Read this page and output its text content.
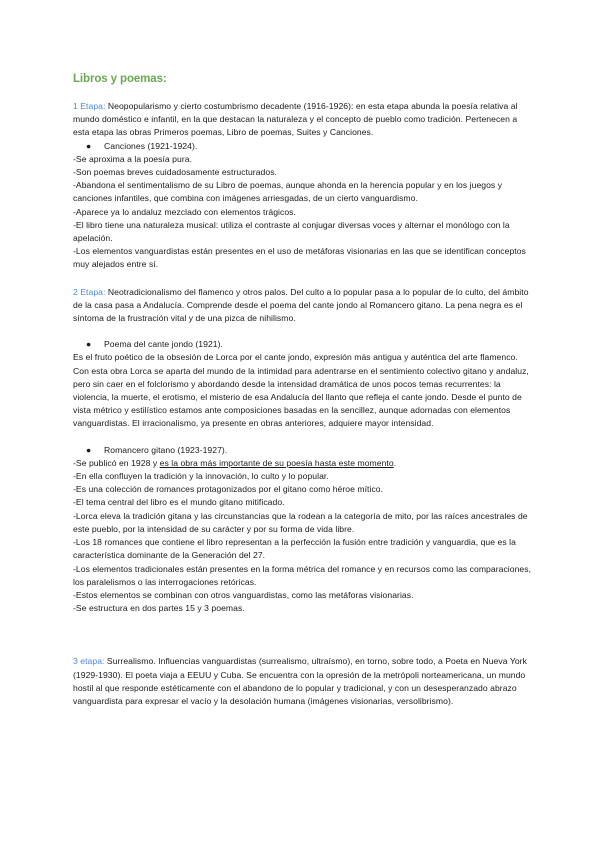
Libros y poemas:

1 Etapa: Neopopularismo y cierto costumbrismo decadente (1916-1926): en esta etapa abunda la poesía relativa al mundo doméstico e infantil, en la que destacan la naturaleza y el concepto de pueblo como tradición. Pertenecen a esta etapa las obras Primeros poemas, Libro de poemas, Suites y Canciones.

● Canciones (1921-1924).

-Se aproxima a la poesía pura.

-Son poemas breves cuidadosamente estructurados.

-Abandona el sentimentalismo de su Libro de poemas, aunque ahonda en la herencia popular y en los juegos y canciones infantiles, que combina con imágenes arriesgadas, de un cierto vanguardismo.

-Aparece ya lo andaluz mezclado con elementos trágicos.

-El libro tiene una naturaleza musical: utiliza el contraste al conjugar diversas voces y alternar el monólogo con la apelación.

-Los elementos vanguardistas están presentes en el uso de metáforas visionarias en las que se identifican conceptos muy alejados entre sí.

2 Etapa: Neotradicionalismo del flamenco y otros palos. Del culto a lo popular pasa a lo popular de lo culto, del ámbito de la casa pasa a Andalucía. Comprende desde el poema del cante jondo al Romancero gitano. La pena negra es el síntoma de la frustración vital y de una pizca de nihilismo.

● Poema del cante jondo (1921).

Es el fruto poético de la obsesión de Lorca por el cante jondo, expresión más antigua y auténtica del arte flamenco. Con esta obra Lorca se aparta del mundo de la intimidad para adentrarse en el sentimiento colectivo gitano y andaluz, pero sin caer en el folclorismo y abordando desde la intensidad dramática de unos pocos temas recurrentes: la violencia, la muerte, el erotismo, el misterio de esa Andalucía del llanto que refleja el cante jondo. Desde el punto de vista métrico y estilístico estamos ante composiciones basadas en la sencillez, aunque adornadas con elementos vanguardistas. El irracionalismo, ya presente en obras anteriores, adquiere mayor intensidad.

● Romancero gitano (1923-1927).

-Se publicó en 1928 y es la obra más importante de su poesía hasta este momento.

-En ella confluyen la tradición y la innovación, lo culto y lo popular.

-Es una colección de romances protagonizados por el gitano como héroe mítico.

-El tema central del libro es el mundo gitano mitificado.

-Lorca eleva la tradición gitana y las circunstancias que la rodean a la categoría de mito, por las raíces ancestrales de este pueblo, por la intensidad de su carácter y por su forma de vida libre.

-Los 18 romances que contiene el libro representan a la perfección la fusión entre tradición y vanguardia, que es la característica dominante de la Generación del 27.

-Los elementos tradicionales están presentes en la forma métrica del romance y en recursos como las comparaciones, los paralelismos o las interrogaciones retóricas.

-Estos elementos se combinan con otros vanguardistas, como las metáforas visionarias.

-Se estructura en dos partes 15 y 3 poemas.

3 etapa: Surrealismo. Influencias vanguardistas (surrealismo, ultraísmo), en torno, sobre todo, a Poeta en Nueva York (1929-1930). El poeta viaja a EEUU y Cuba. Se encuentra con la opresión de la metrópoli norteamericana, un mundo hostil al que responde estéticamente con el abandono de lo popular y tradicional, y con un desesperanzado abrazo vanguardista para expresar el vacío y la desolación humana (imágenes visionarias, versolibrismo).
